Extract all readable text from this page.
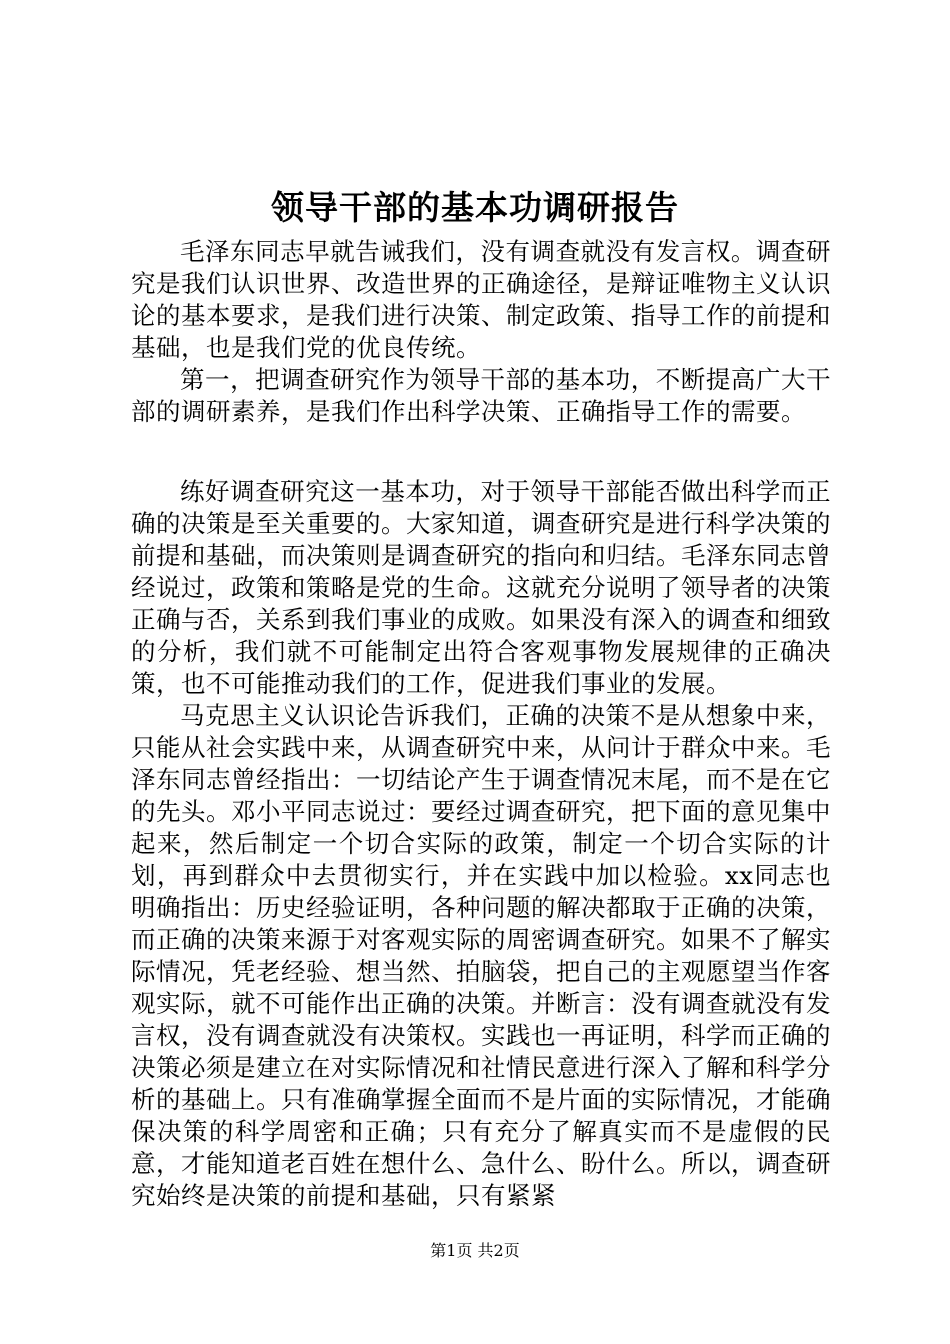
领导干部的基本功调研报告

毛泽东同志早就告诫我们，没有调查就没有发言权。调查研究是我们认识世界、改造世界的正确途径，是辩证唯物主义认识论的基本要求，是我们进行决策、制定政策、指导工作的前提和基础，也是我们党的优良传统。

第一，把调查研究作为领导干部的基本功，不断提高广大干部的调研素养，是我们作出科学决策、正确指导工作的需要。

练好调查研究这一基本功，对于领导干部能否做出科学而正确的决策是至关重要的。大家知道，调查研究是进行科学决策的前提和基础，而决策则是调查研究的指向和归结。毛泽东同志曾经说过，政策和策略是党的生命。这就充分说明了领导者的决策正确与否，关系到我们事业的成败。如果没有深入的调查和细致的分析，我们就不可能制定出符合客观事物发展规律的正确决策，也不可能推动我们的工作，促进我们事业的发展。

马克思主义认识论告诉我们，正确的决策不是从想象中来，只能从社会实践中来，从调查研究中来，从问计于群众中来。毛泽东同志曾经指出：一切结论产生于调查情况末尾，而不是在它的先头。邓小平同志说过：要经过调查研究，把下面的意见集中起来，然后制定一个切合实际的政策，制定一个切合实际的计划，再到群众中去贯彻实行，并在实践中加以检验。xx同志也明确指出：历史经验证明，各种问题的解决都取于正确的决策，而正确的决策来源于对客观实际的周密调查研究。如果不了解实际情况，凭老经验、想当然、拍脑袋，把自己的主观愿望当作客观实际，就不可能作出正确的决策。并断言：没有调查就没有发言权，没有调查就没有决策权。实践也一再证明，科学而正确的决策必须是建立在对实际情况和社情民意进行深入了解和科学分析的基础上。只有准确掌握全面而不是片面的实际情况，才能确保决策的科学周密和正确；只有充分了解真实而不是虚假的民意，才能知道老百姓在想什么、急什么、盼什么。所以，调查研究始终是决策的前提和基础，只有紧紧

第1页 共2页
